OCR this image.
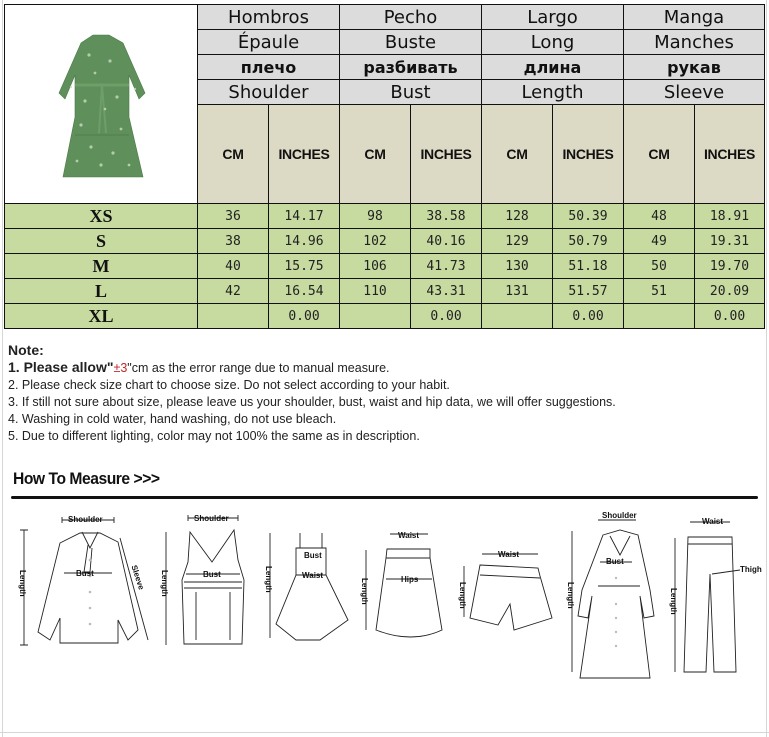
	Hombros		Pecho		Largo		Manga	
	Épaule		Buste		Long		Manches	
	плечо		разбивать		длина		рукав	
	Shoulder		Bust		Length		Sleeve	
	CM	INCHES	CM	INCHES	CM	INCHES	CM	INCHES
XS	36	14.17	98	38.58	128	50.39	48	18.91
S	38	14.96	102	40.16	129	50.79	49	19.31
M	40	15.75	106	41.73	130	51.18	50	19.70
L	42	16.54	110	43.31	131	51.57	51	20.09
XL		0.00		0.00		0.00		0.00
Note:
1. Please allow"±3"cm as the error range due to manual measure.
2. Please check size chart to choose size. Do not select according to your habit.
3. If still not sure about size, please leave us your shoulder, bust, waist and hip data, we will offer suggestions.
4. Washing in cold water, hand washing, do not use bleach.
5. Due to different lighting, color may not 100% the same as in description.
How To Measure >>>
Shoulder
Bust
Length	Sleeve
Shoulder
Bust
Length
Bust
Waist
Length
Waist
Hips
Length
Waist
Length
Shoulder
Bust
Length
Waist
Thigh
Length
